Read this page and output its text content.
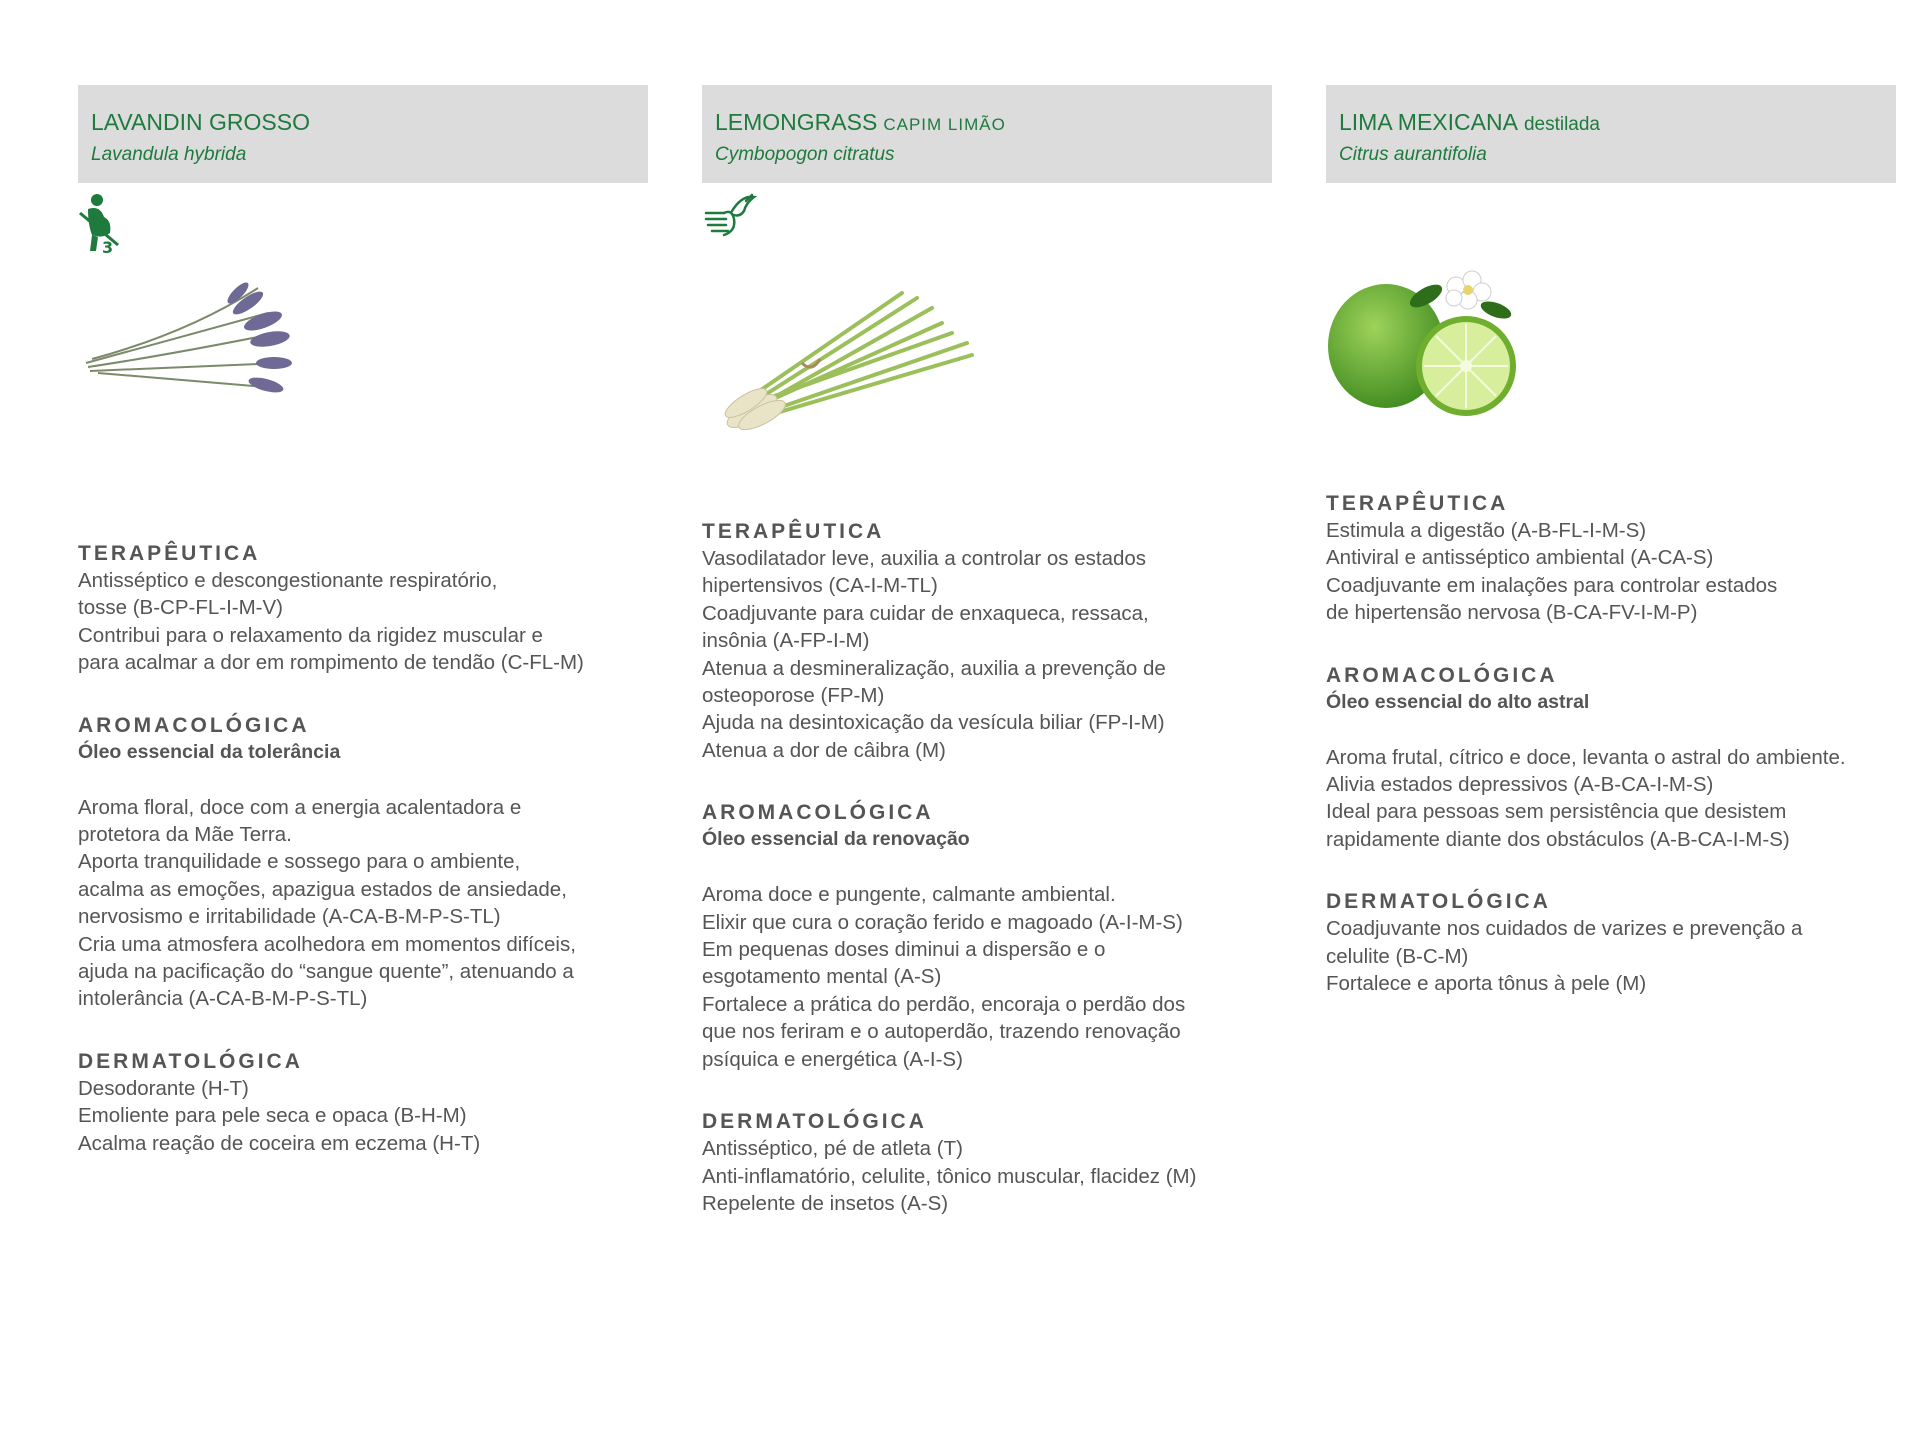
LAVANDIN GROSSO
Lavandula hybrida
3
TERAPÊUTICA
Antisséptico e descongestionante respiratório,
tosse (B-CP-FL-I-M-V)
Contribui para o relaxamento da rigidez muscular e
para acalmar a dor em rompimento de tendão (C-FL-M)
AROMACOLÓGICA
Óleo essencial da tolerância
Aroma floral, doce com a energia acalentadora e
protetora da Mãe Terra.
Aporta tranquilidade e sossego para o ambiente,
acalma as emoções, apazigua estados de ansiedade,
nervosismo e irritabilidade (A-CA-B-M-P-S-TL)
Cria uma atmosfera acolhedora em momentos difíceis,
ajuda na pacificação do “sangue quente”, atenuando a
intolerância (A-CA-B-M-P-S-TL)
DERMATOLÓGICA
Desodorante (H-T)
Emoliente para pele seca e opaca (B-H-M)
Acalma reação de coceira em eczema (H-T)
LEMONGRASS CAPIM LIMÃO
Cymbopogon citratus
TERAPÊUTICA
Vasodilatador leve, auxilia a controlar os estados
hipertensivos (CA-I-M-TL)
Coadjuvante para cuidar de enxaqueca, ressaca,
insônia (A-FP-I-M)
Atenua a desmineralização, auxilia a prevenção de
osteoporose (FP-M)
Ajuda na desintoxicação da vesícula biliar (FP-I-M)
Atenua a dor de câibra (M)
AROMACOLÓGICA
Óleo essencial da renovação
Aroma doce e pungente, calmante ambiental.
Elixir que cura o coração ferido e magoado (A-I-M-S)
Em pequenas doses diminui a dispersão e o
esgotamento mental (A-S)
Fortalece a prática do perdão, encoraja o perdão dos
que nos feriram e o autoperdão, trazendo renovação
psíquica e energética (A-I-S)
DERMATOLÓGICA
Antisséptico, pé de atleta (T)
Anti-inflamatório, celulite, tônico muscular, flacidez (M)
Repelente de insetos (A-S)
LIMA MEXICANA destilada
Citrus aurantifolia
TERAPÊUTICA
Estimula a digestão (A-B-FL-I-M-S)
Antiviral e antisséptico ambiental (A-CA-S)
Coadjuvante em inalações para controlar estados
de hipertensão nervosa (B-CA-FV-I-M-P)
AROMACOLÓGICA
Óleo essencial do alto astral
Aroma frutal, cítrico e doce, levanta o astral do ambiente.
Alivia estados depressivos (A-B-CA-I-M-S)
Ideal para pessoas sem persistência que desistem
rapidamente diante dos obstáculos (A-B-CA-I-M-S)
DERMATOLÓGICA
Coadjuvante nos cuidados de varizes e prevenção a
celulite (B-C-M)
Fortalece e aporta tônus à pele (M)
